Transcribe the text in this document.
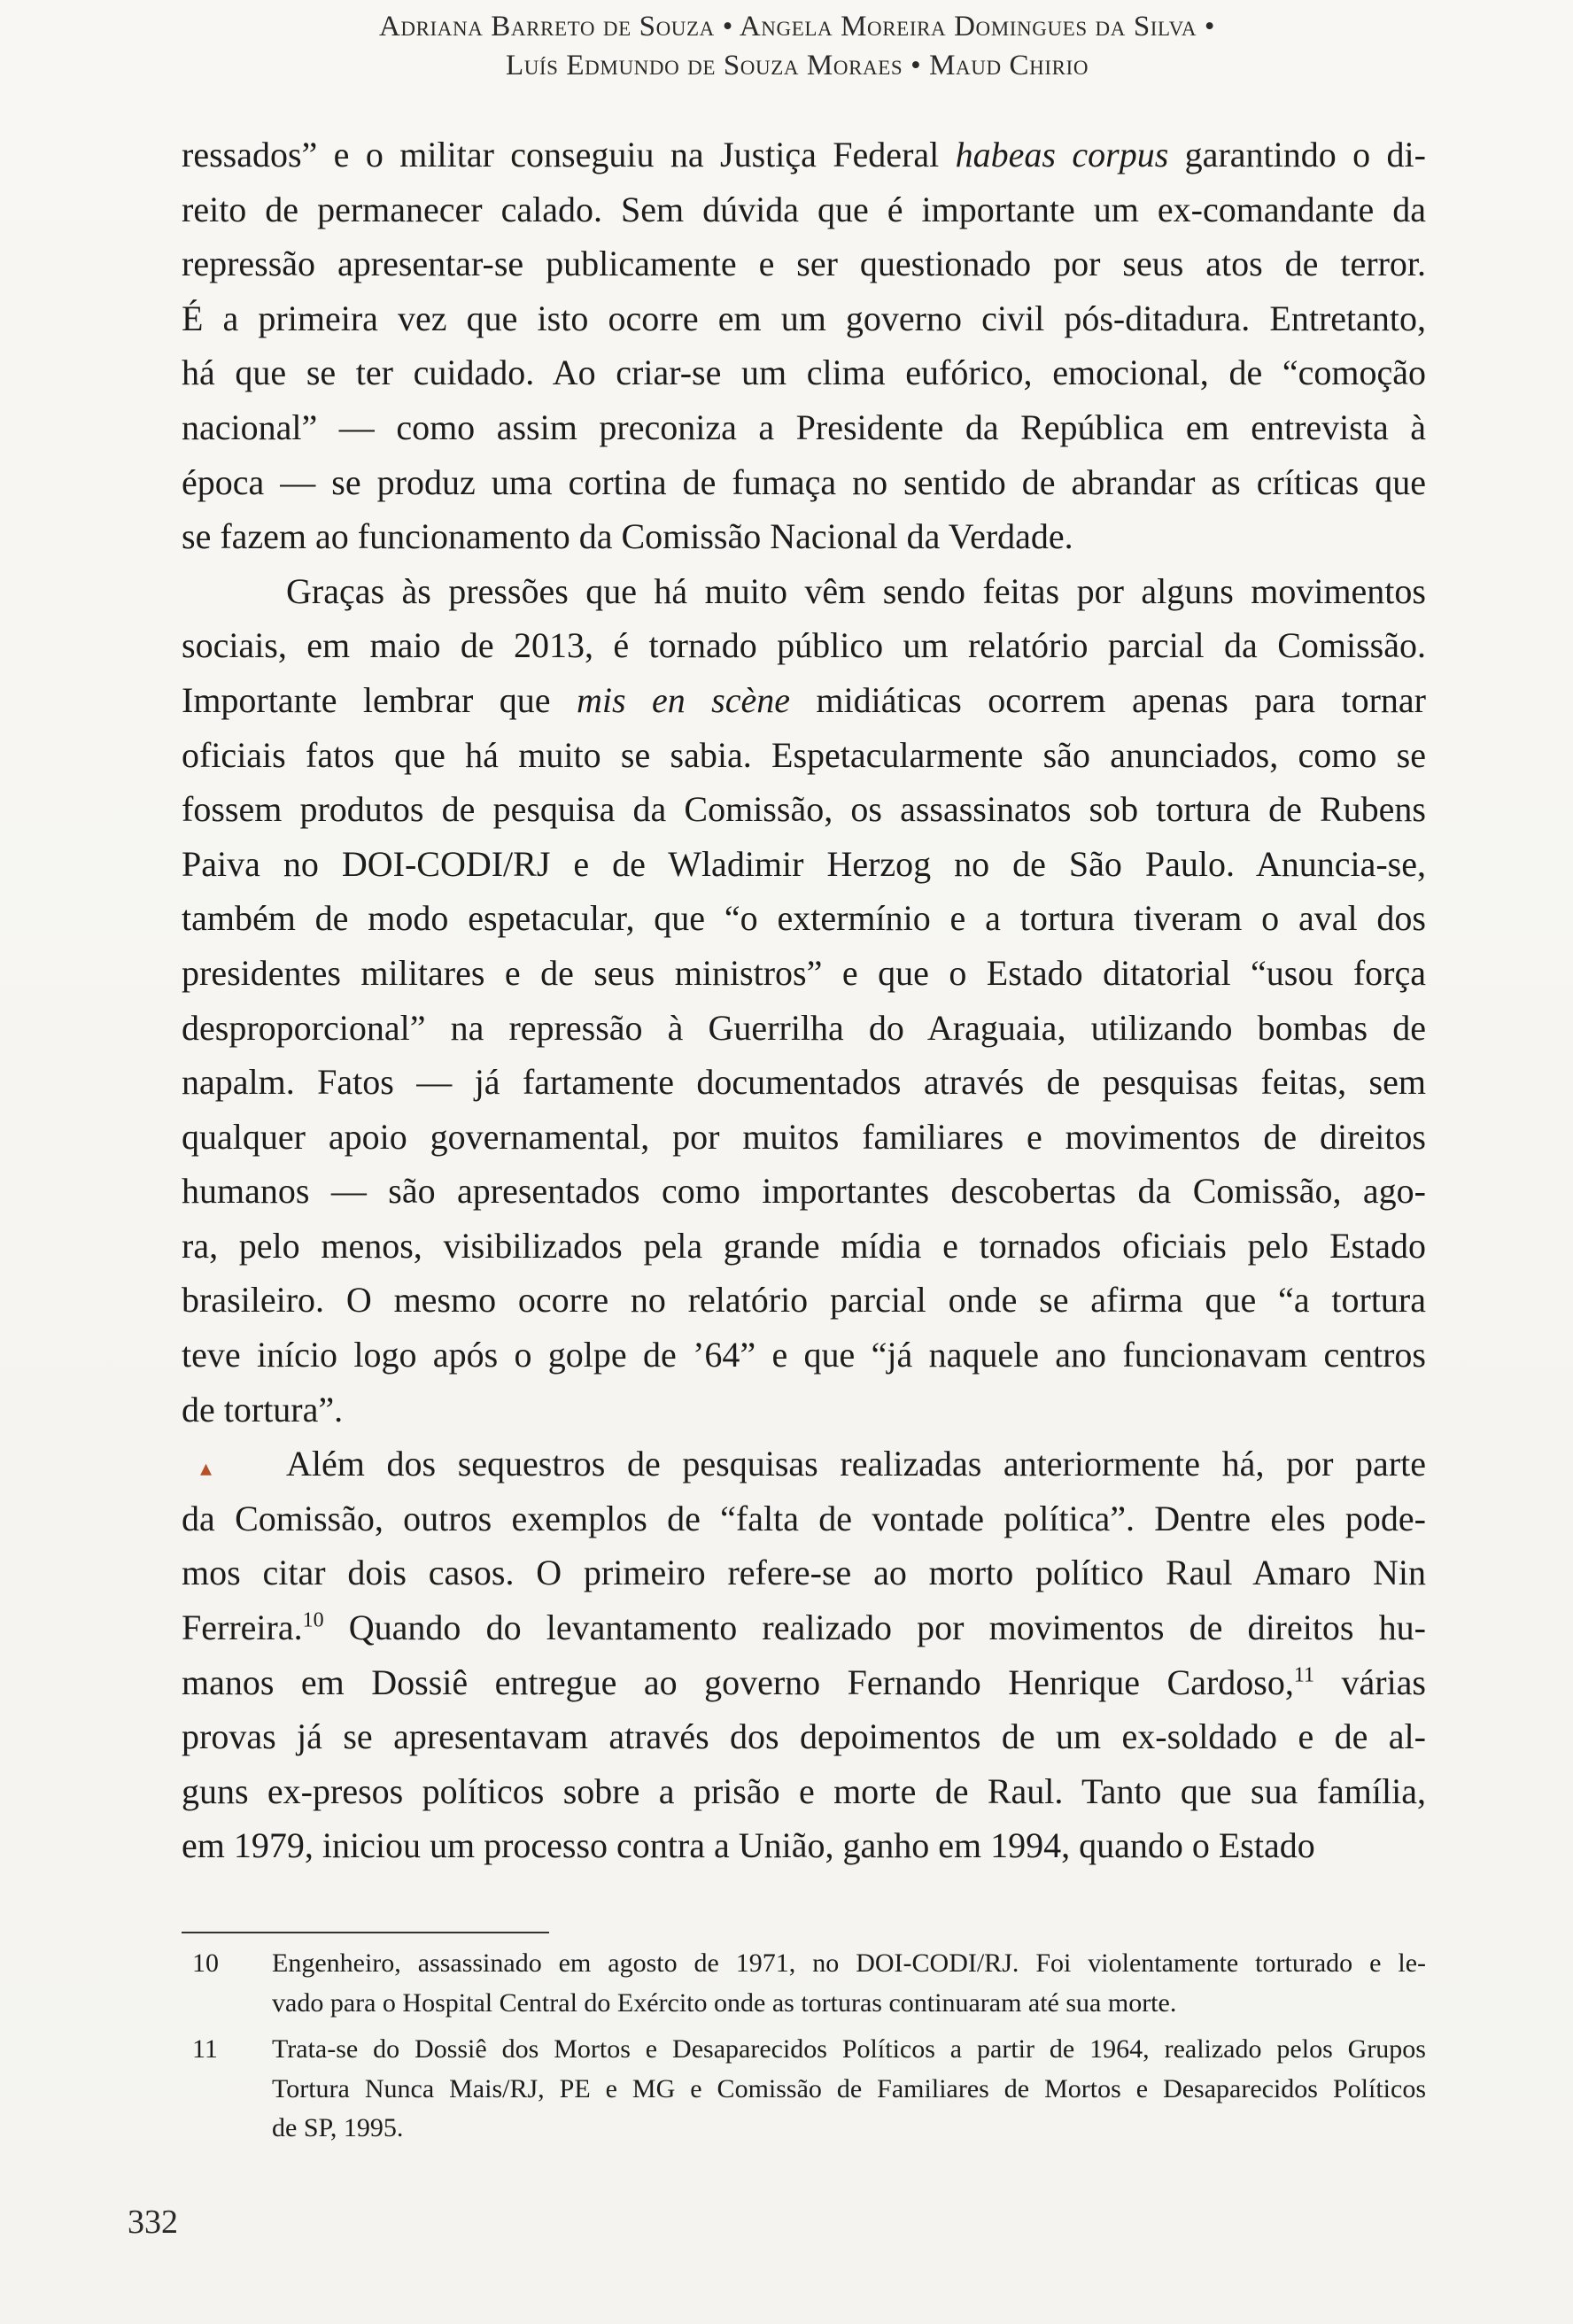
Adriana Barreto de Souza • Angela Moreira Domingues da Silva •
Luís Edmundo de Souza Moraes • Maud Chirio

ressados” e o militar conseguiu na Justiça Federal habeas corpus garantindo o di-
reito de permanecer calado. Sem dúvida que é importante um ex-comandante da
repressão apresentar-se publicamente e ser questionado por seus atos de terror.
É a primeira vez que isto ocorre em um governo civil pós-ditadura. Entretanto,
há que se ter cuidado. Ao criar-se um clima eufórico, emocional, de “comoção
nacional” — como assim preconiza a Presidente da República em entrevista à
época — se produz uma cortina de fumaça no sentido de abrandar as críticas que
se fazem ao funcionamento da Comissão Nacional da Verdade.

Graças às pressões que há muito vêm sendo feitas por alguns movimentos
sociais, em maio de 2013, é tornado público um relatório parcial da Comissão.
Importante lembrar que mis en scène midiáticas ocorrem apenas para tornar
oficiais fatos que há muito se sabia. Espetacularmente são anunciados, como se
fossem produtos de pesquisa da Comissão, os assassinatos sob tortura de Rubens
Paiva no DOI-CODI/RJ e de Wladimir Herzog no de São Paulo. Anuncia-se,
também de modo espetacular, que “o extermínio e a tortura tiveram o aval dos
presidentes militares e de seus ministros” e que o Estado ditatorial “usou força
desproporcional” na repressão à Guerrilha do Araguaia, utilizando bombas de
napalm. Fatos — já fartamente documentados através de pesquisas feitas, sem
qualquer apoio governamental, por muitos familiares e movimentos de direitos
humanos — são apresentados como importantes descobertas da Comissão, ago-
ra, pelo menos, visibilizados pela grande mídia e tornados oficiais pelo Estado
brasileiro. O mesmo ocorre no relatório parcial onde se afirma que “a tortura
teve início logo após o golpe de ’64” e que “já naquele ano funcionavam centros
de tortura”.

Além dos sequestros de pesquisas realizadas anteriormente há, por parte
da Comissão, outros exemplos de “falta de vontade política”. Dentre eles pode-
mos citar dois casos. O primeiro refere-se ao morto político Raul Amaro Nin
Ferreira.$^{10}$ Quando do levantamento realizado por movimentos de direitos hu-
manos em Dossiê entregue ao governo Fernando Henrique Cardoso,$^{11}$ várias
provas já se apresentavam através dos depoimentos de um ex-soldado e de al-
guns ex-presos políticos sobre a prisão e morte de Raul. Tanto que sua família,
em 1979, iniciou um processo contra a União, ganho em 1994, quando o Estado

▴
10 Engenheiro, assassinado em agosto de 1971, no DOI-CODI/RJ. Foi violentamente torturado e le-
vado para o Hospital Central do Exército onde as torturas continuaram até sua morte.
11 Trata-se do Dossiê dos Mortos e Desaparecidos Políticos a partir de 1964, realizado pelos Grupos
Tortura Nunca Mais/RJ, PE e MG e Comissão de Familiares de Mortos e Desaparecidos Políticos
de SP, 1995.
332
